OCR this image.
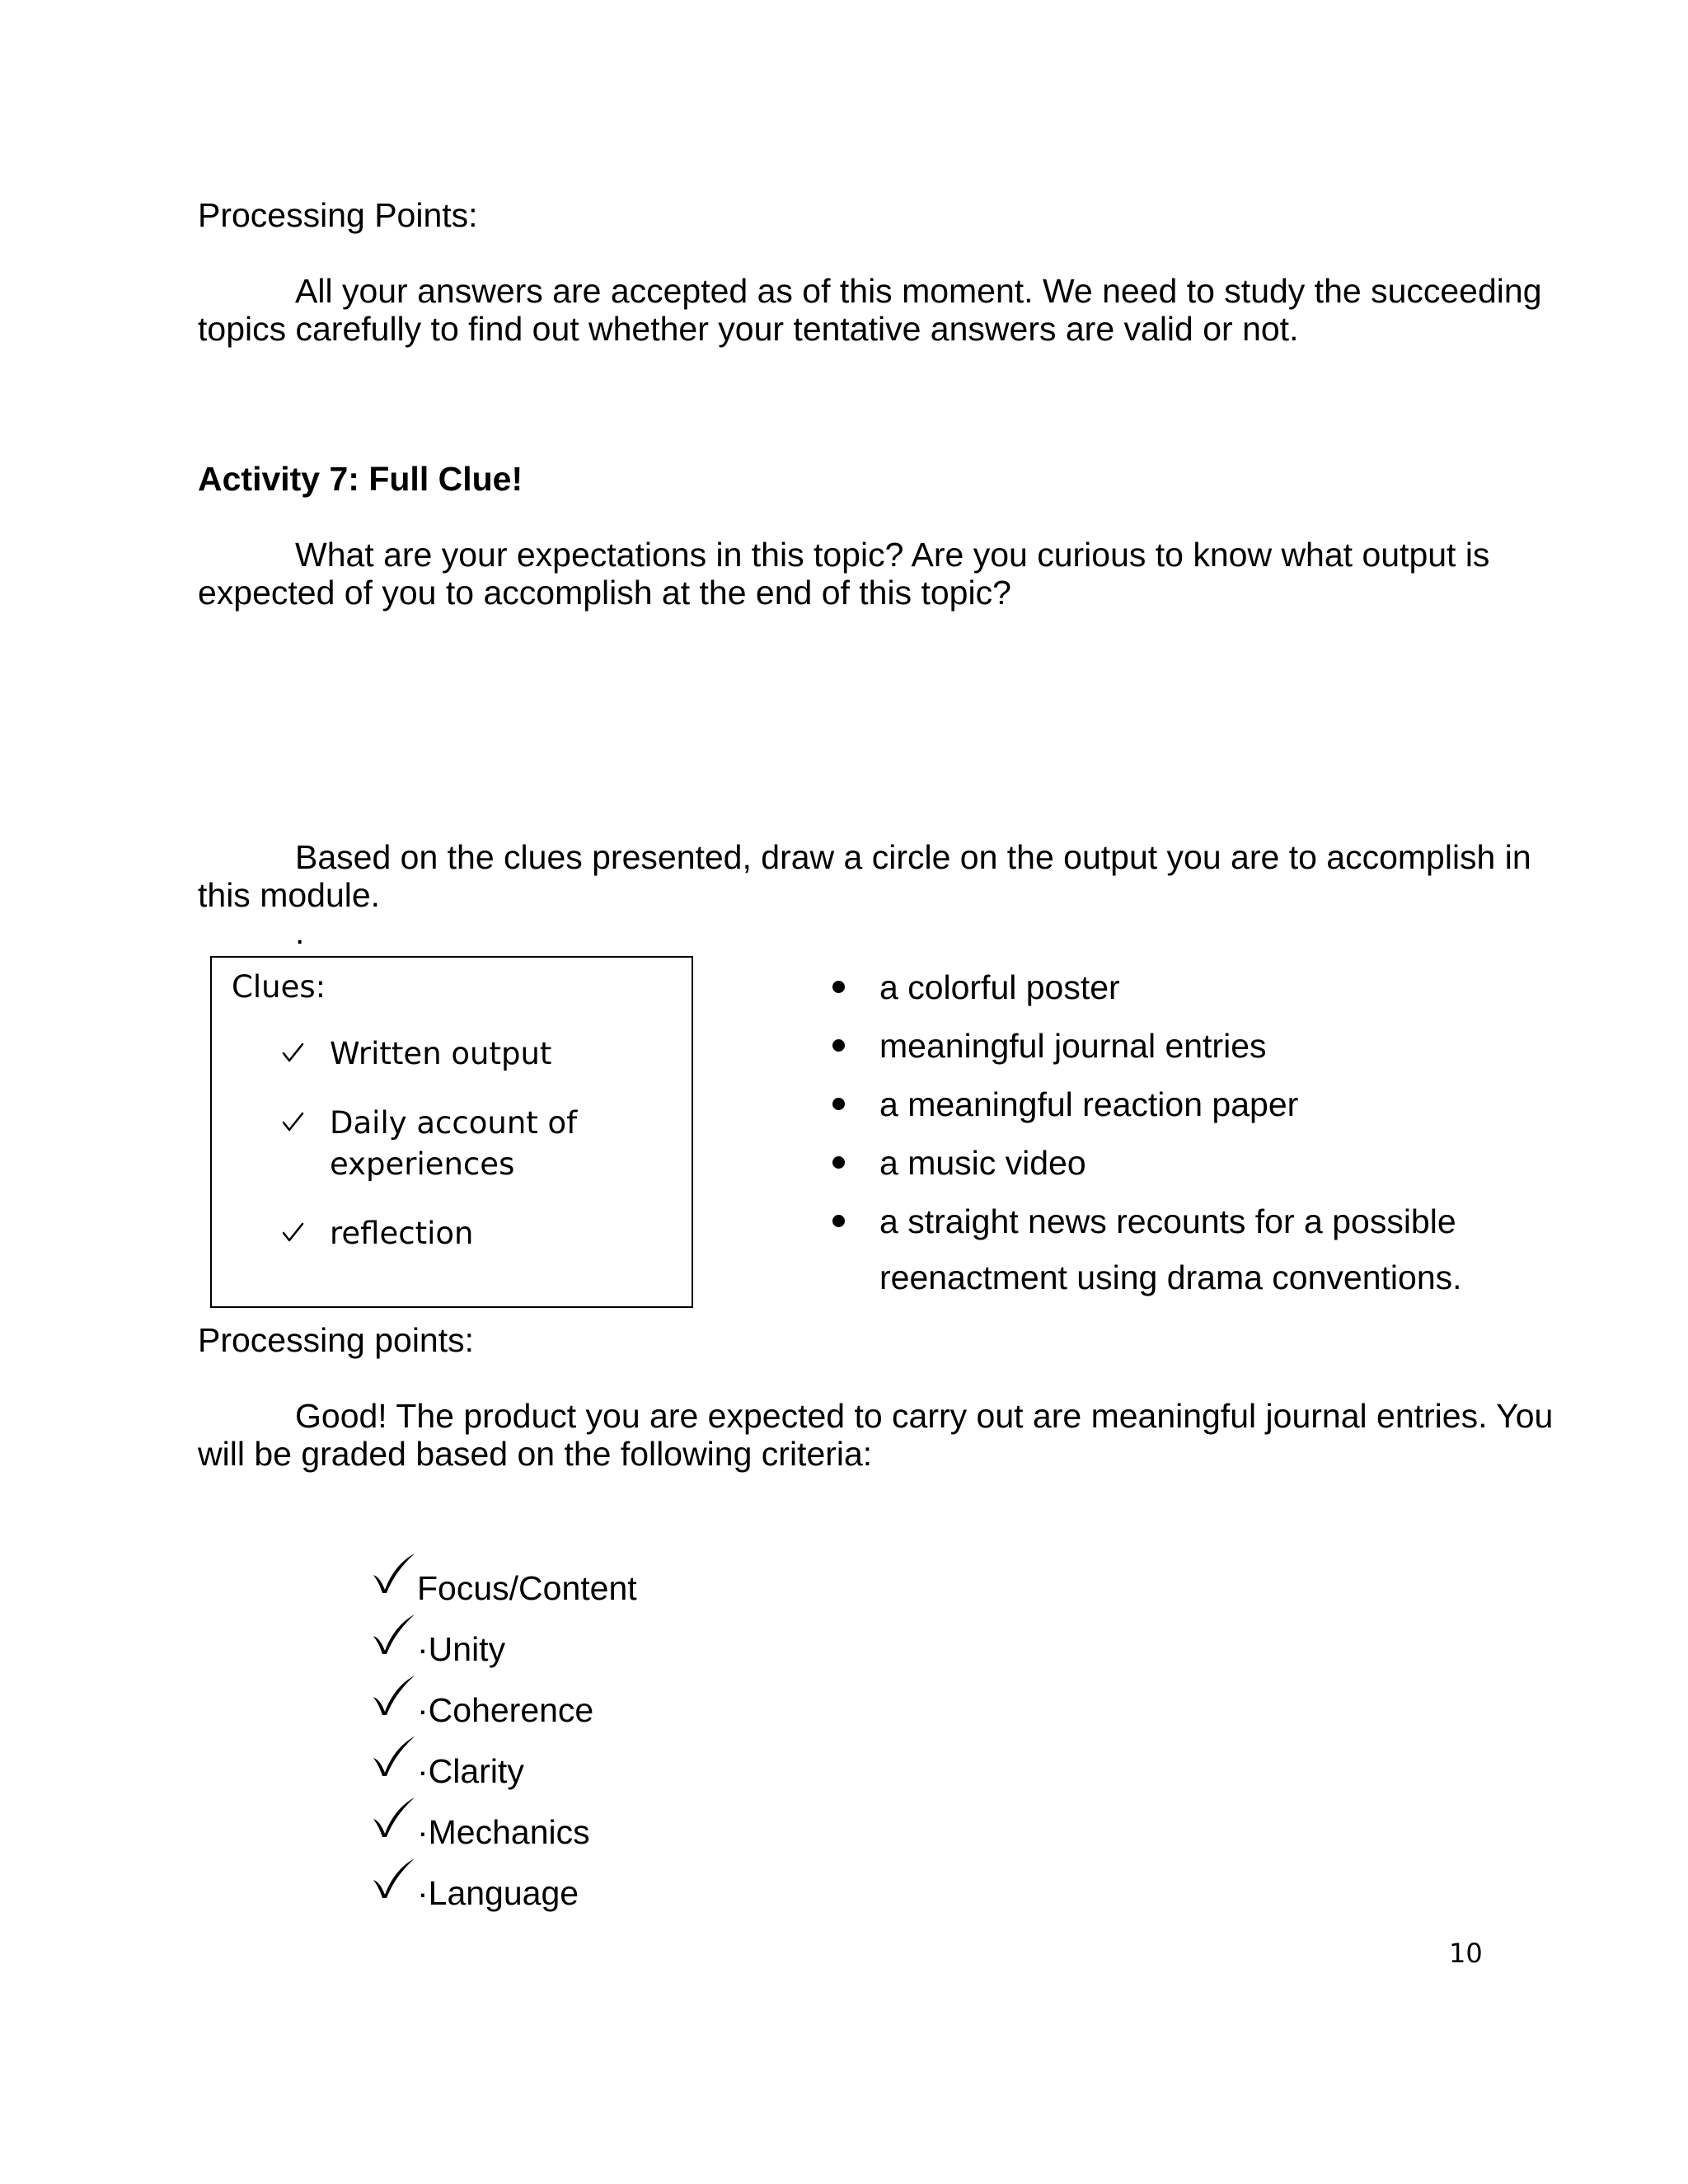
Processing Points:
All your answers are accepted as of this moment. We need to study the succeeding topics carefully to find out whether your tentative answers are valid or not.
Activity 7: Full Clue!
What are your expectations in this topic? Are you curious to know what output is expected of you to accomplish at the end of this topic?
Based on the clues presented, draw a circle on the output you are to accomplish in this module.
.
Clues:
Written output
Daily account of
experiences
reflection
a colorful poster
meaningful journal entries
a meaningful reaction paper
a music video
a straight news recounts for a possible
reenactment using drama conventions.
Processing points:
Good! The product you are expected to carry out are meaningful journal entries. You will be graded based on the following criteria:
Focus/Content
·Unity
·Coherence
·Clarity
·Mechanics
·Language
10
